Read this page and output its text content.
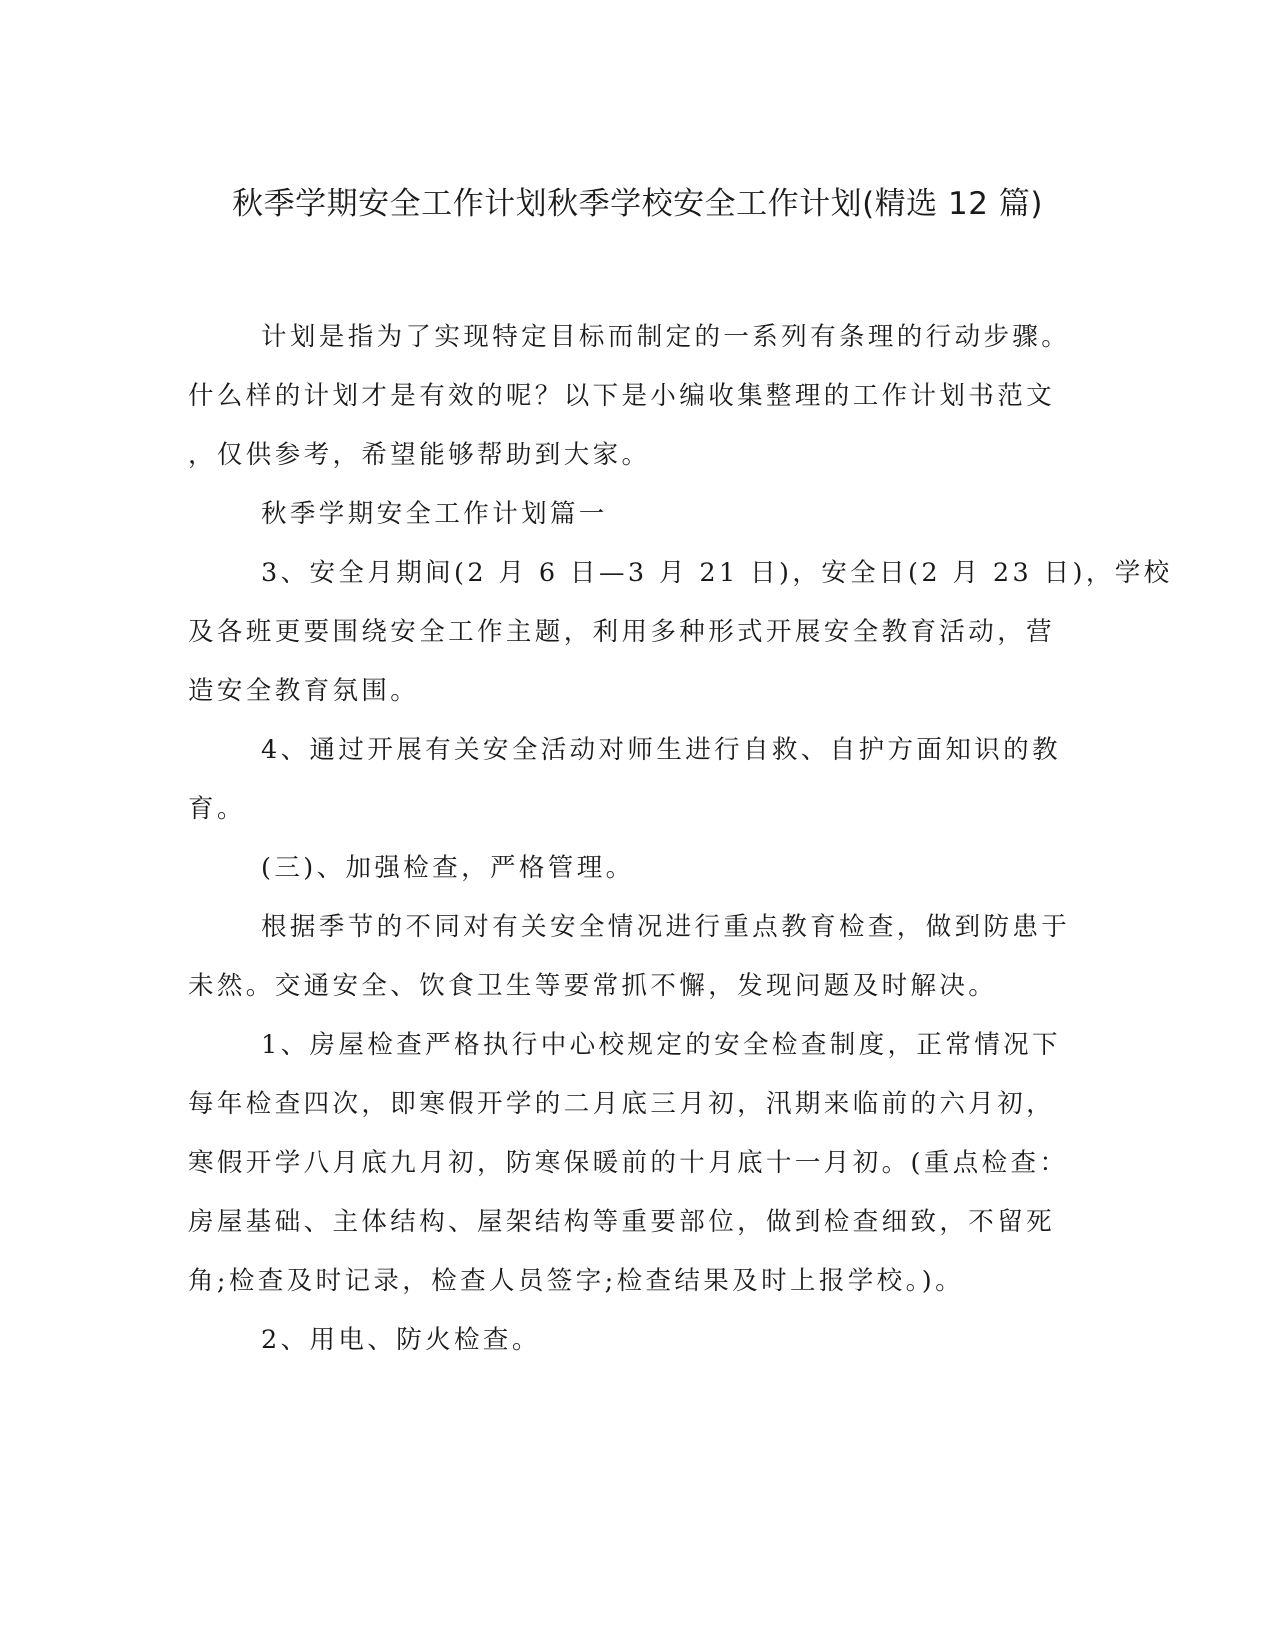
秋季学期安全工作计划秋季学校安全工作计划(精选 12 篇)

计划是指为了实现特定目标而制定的一系列有条理的行动步骤。

什么样的计划才是有效的呢？以下是小编收集整理的工作计划书范文

，仅供参考，希望能够帮助到大家。

秋季学期安全工作计划篇一

3、安全月期间(2 月 6 日—3 月 21 日)，安全日(2 月 23 日)，学校

及各班更要围绕安全工作主题，利用多种形式开展安全教育活动，营

造安全教育氛围。

4、通过开展有关安全活动对师生进行自救、自护方面知识的教

育。

(三)、加强检查，严格管理。

根据季节的不同对有关安全情况进行重点教育检查，做到防患于

未然。交通安全、饮食卫生等要常抓不懈，发现问题及时解决。

1、房屋检查严格执行中心校规定的安全检查制度，正常情况下

每年检查四次，即寒假开学的二月底三月初，汛期来临前的六月初，

寒假开学八月底九月初，防寒保暖前的十月底十一月初。(重点检查：

房屋基础、主体结构、屋架结构等重要部位，做到检查细致，不留死

角;检查及时记录，检查人员签字;检查结果及时上报学校。)。

2、用电、防火检查。
